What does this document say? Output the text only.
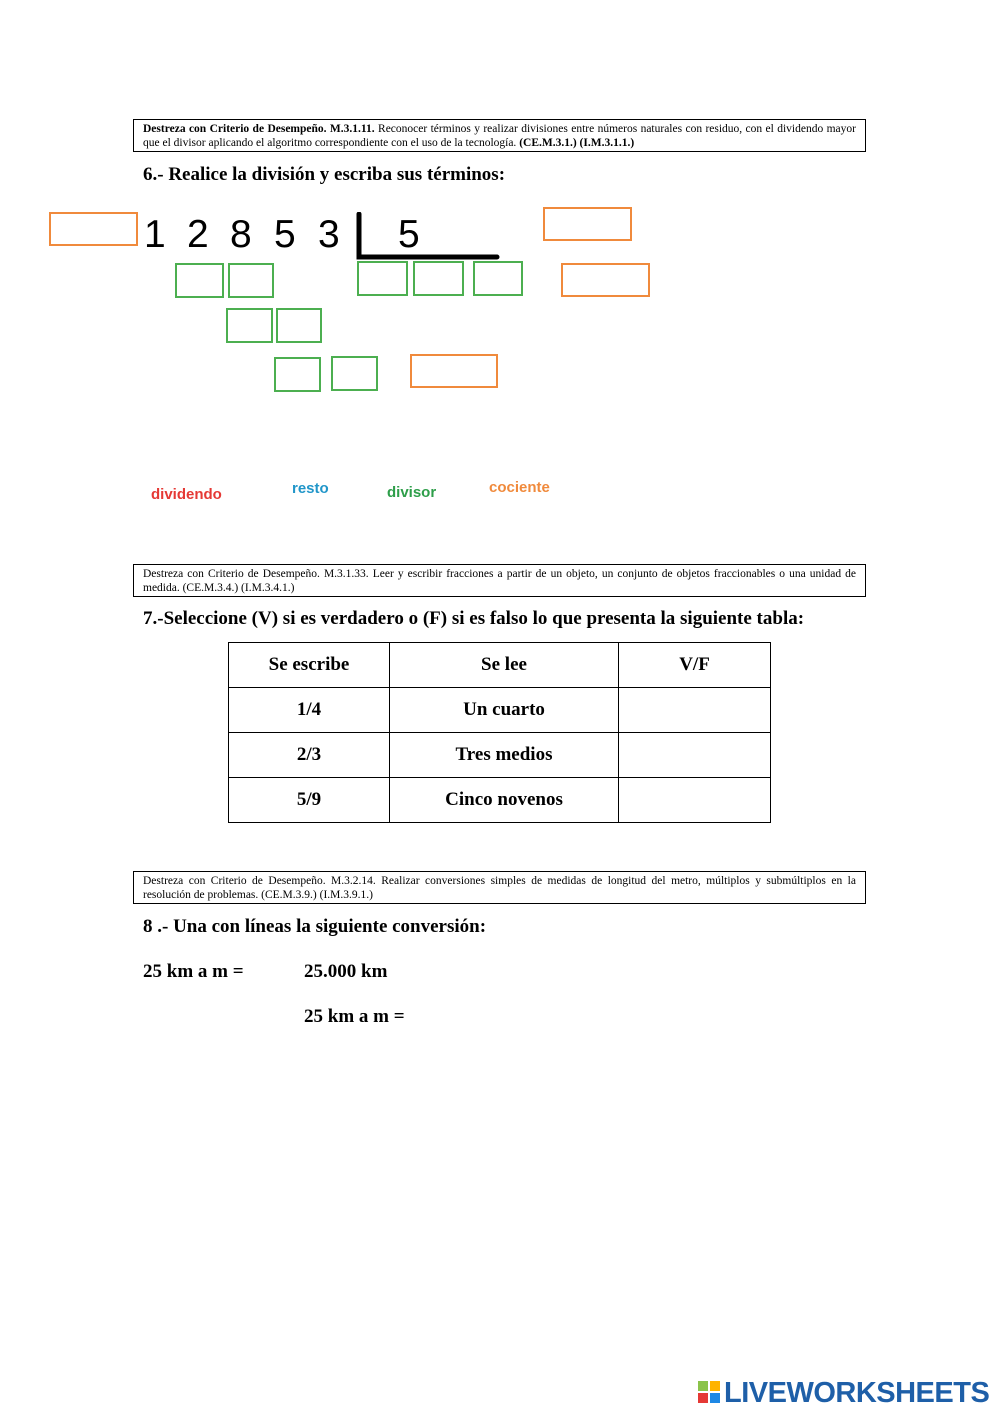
Destreza con Criterio de Desempeño. M.3.1.11. Reconocer términos y realizar divisiones entre números naturales con residuo, con el dividendo mayor que el divisor aplicando el algoritmo correspondiente con el uso de la tecnología. (CE.M.3.1.) (I.M.3.1.1.)
6.- Realice la división y escriba sus términos:
1 2 8 5 3 5
dividendo	resto	divisor	cociente
Destreza con Criterio de Desempeño. M.3.1.33. Leer y escribir fracciones a partir de un objeto, un conjunto de objetos fraccionables o una unidad de medida. (CE.M.3.4.) (I.M.3.4.1.)
7.-Seleccione (V) si es verdadero o (F) si es falso lo que presenta la siguiente tabla:
Se escribe	Se lee	V/F
1/4	Un cuarto	
2/3	Tres medios	
5/9	Cinco novenos	
Destreza con Criterio de Desempeño. M.3.2.14. Realizar conversiones simples de medidas de longitud del metro, múltiplos y submúltiplos en la resolución de problemas. (CE.M.3.9.) (I.M.3.9.1.)
8 .- Una con líneas la siguiente conversión:
25 km a m =	25.000 km
25 km a m =
LIVEWORKSHEETS
